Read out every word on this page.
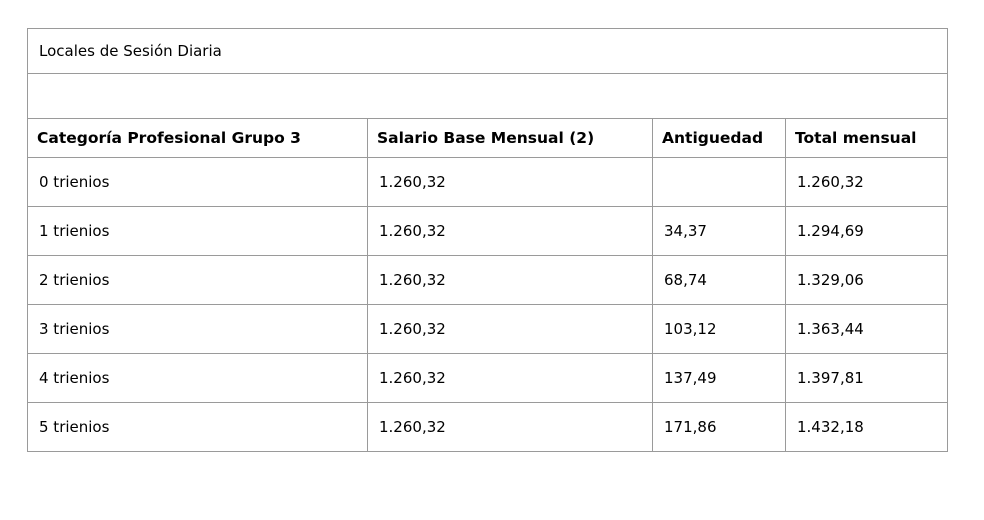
Locales de Sesión Diaria			

Categoría Profesional Grupo 3	Salario Base Mensual (2)	Antiguedad	Total mensual
0 trienios	1.260,32		1.260,32
1 trienios	1.260,32	34,37	1.294,69
2 trienios	1.260,32	68,74	1.329,06
3 trienios	1.260,32	103,12	1.363,44
4 trienios	1.260,32	137,49	1.397,81
5 trienios	1.260,32	171,86	1.432,18
